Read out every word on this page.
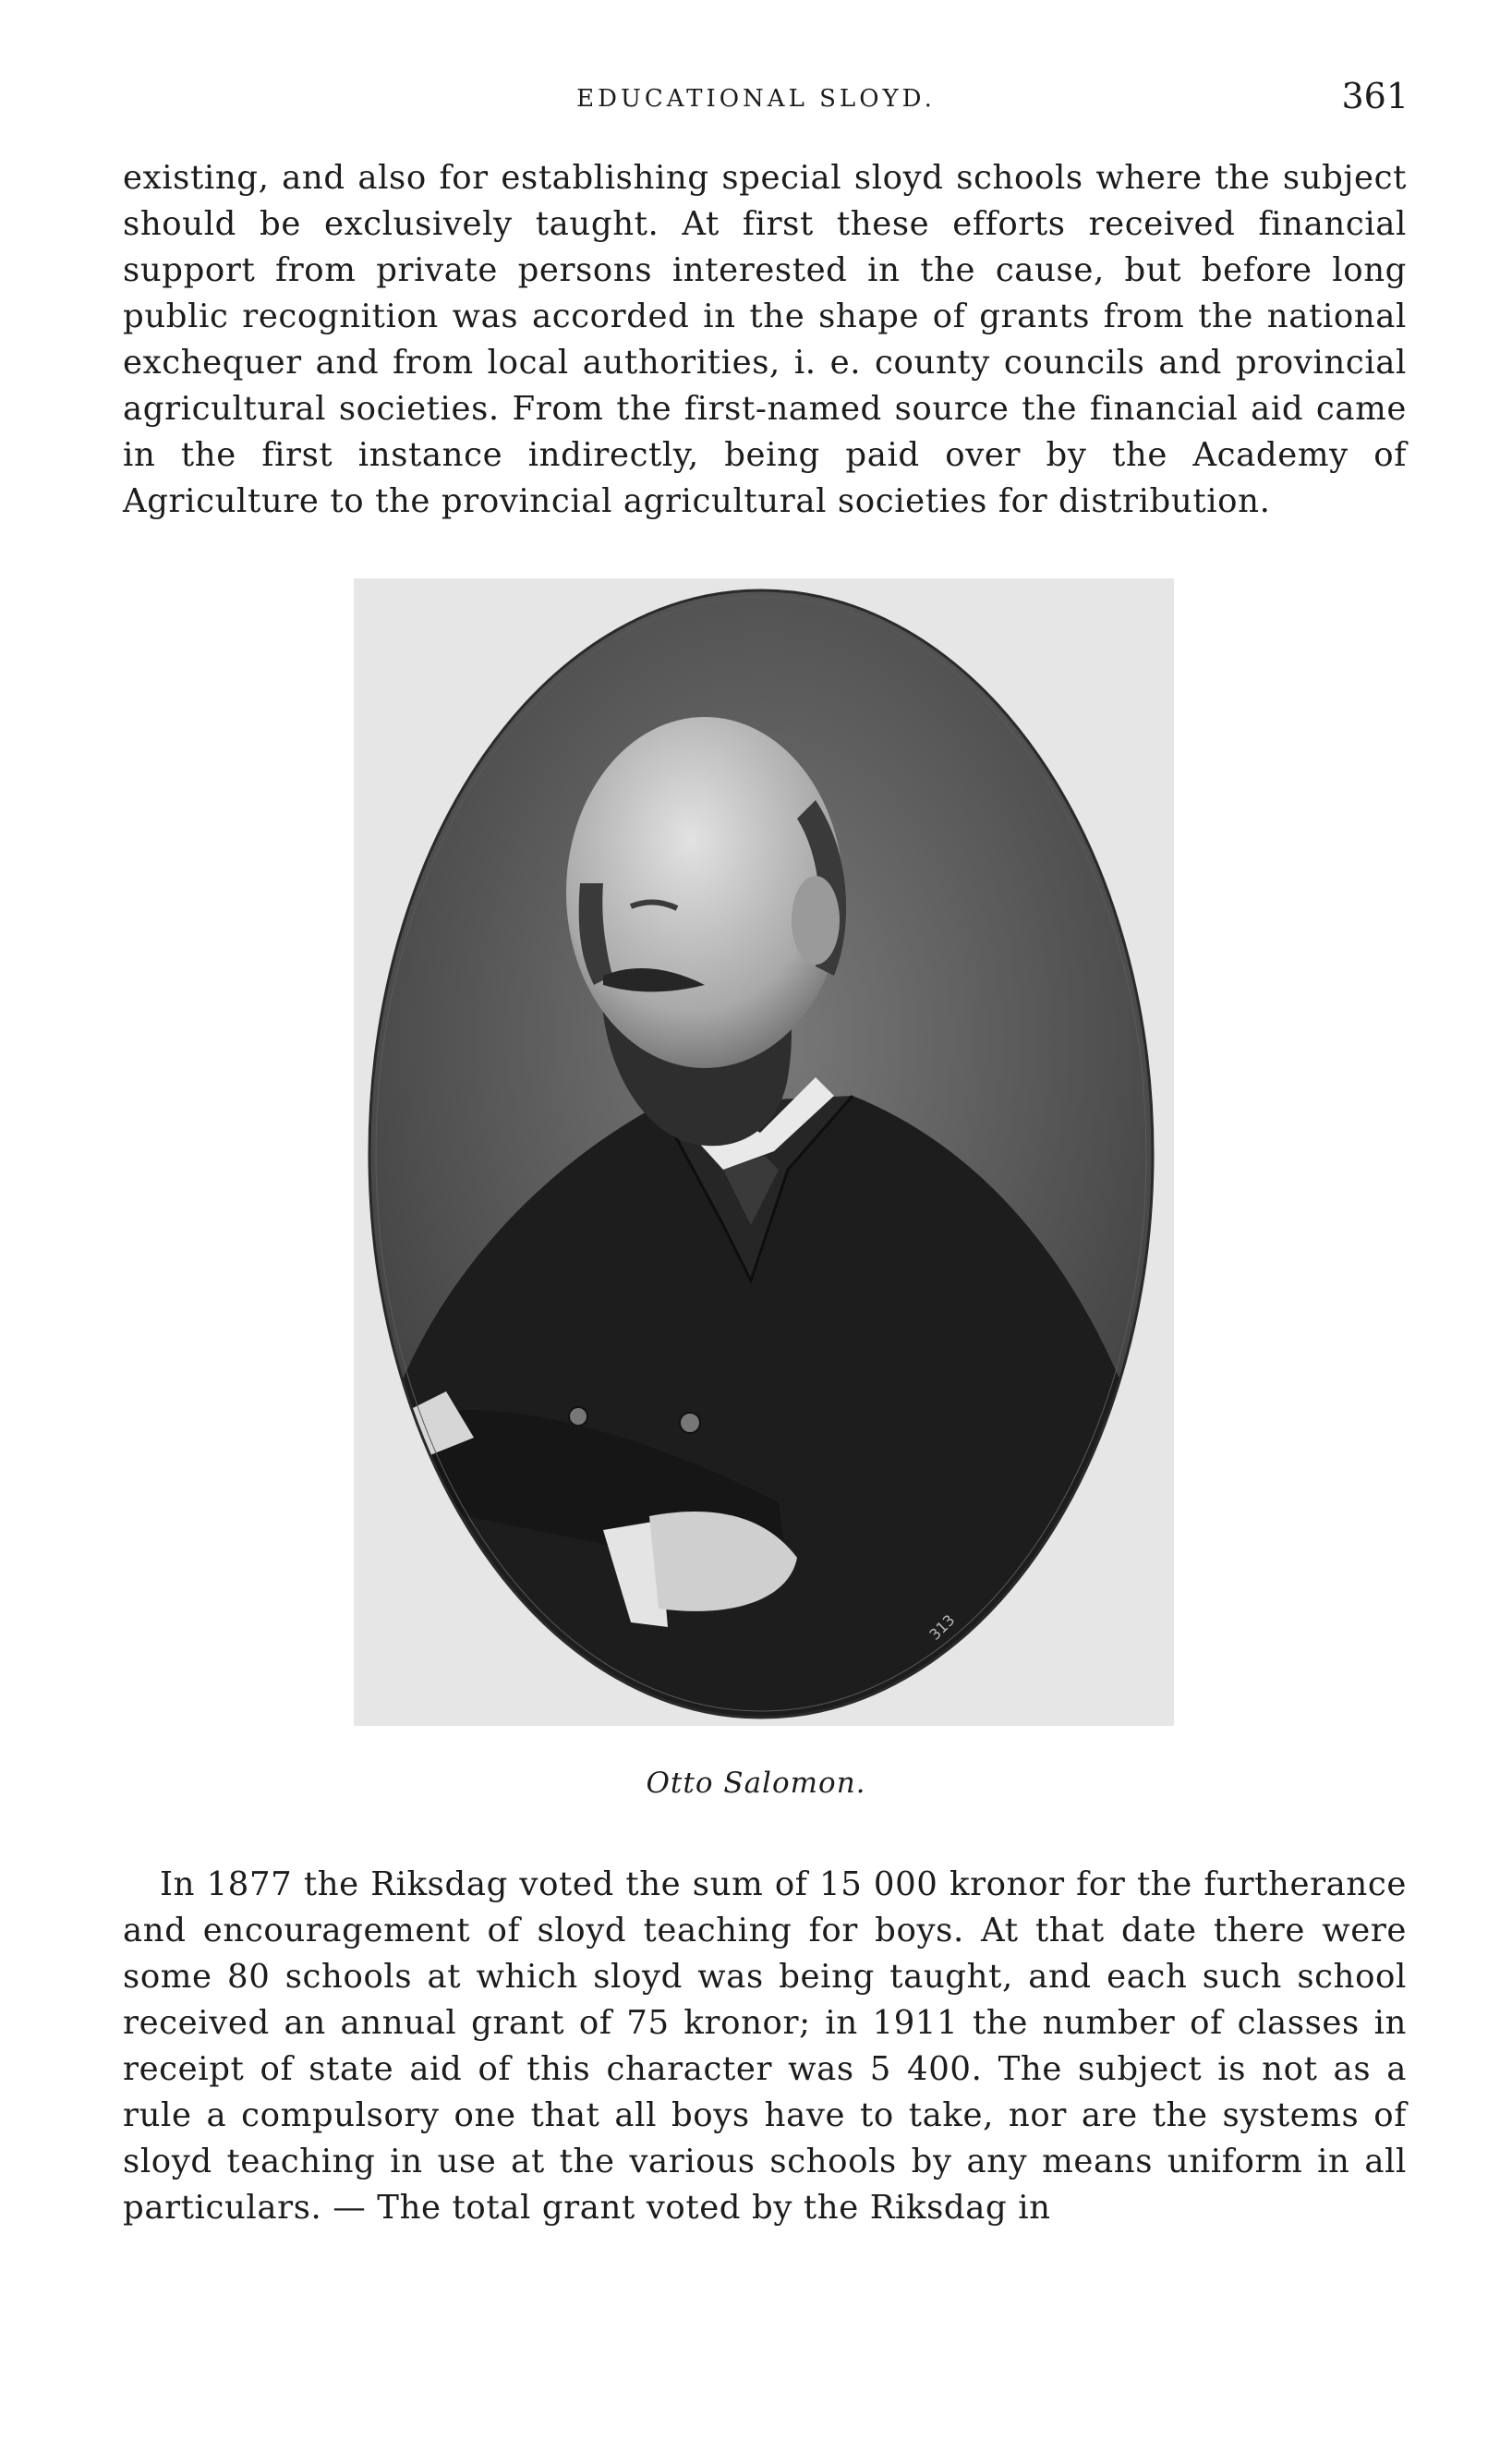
EDUCATIONAL SLOYD.	361

existing, and also for establishing special sloyd schools where the subject should be exclusively taught. At first these efforts received financial support from private persons interested in the cause, but before long public recognition was accorded in the shape of grants from the national exchequer and from local authorities, i. e. county councils and provincial agricultural societies. From the first-named source the financial aid came in the first instance indirectly, being paid over by the Academy of Agriculture to the provincial agricultural societies for distribution.

313
Otto Salomon.

In 1877 the Riksdag voted the sum of 15 000 kronor for the furtherance and encouragement of sloyd teaching for boys. At that date there were some 80 schools at which sloyd was being taught, and each such school received an annual grant of 75 kronor; in 1911 the number of classes in receipt of state aid of this character was 5 400. The subject is not as a rule a compulsory one that all boys have to take, nor are the systems of sloyd teaching in use at the various schools by any means uniform in all particulars. — The total grant voted by the Riksdag in
